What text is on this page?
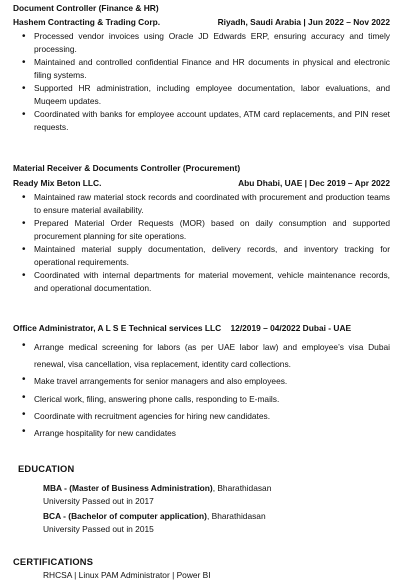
Document Controller (Finance & HR)
Hashem Contracting & Trading Corp.	Riyadh, Saudi Arabia | Jun 2022 – Nov 2022
• Processed vendor invoices using Oracle JD Edwards ERP, ensuring accuracy and timely processing.
• Maintained and controlled confidential Finance and HR documents in physical and electronic filing systems.
• Supported HR administration, including employee documentation, labor evaluations, and Muqeem updates.
• Coordinated with banks for employee account updates, ATM card replacements, and PIN reset requests.
Material Receiver & Documents Controller (Procurement)
Ready Mix Beton LLC.	Abu Dhabi, UAE | Dec 2019 – Apr 2022
• Maintained raw material stock records and coordinated with procurement and production teams to ensure material availability.
• Prepared Material Order Requests (MOR) based on daily consumption and supported procurement planning for site operations.
• Maintained material supply documentation, delivery records, and inventory tracking for operational requirements.
• Coordinated with internal departments for material movement, vehicle maintenance records, and operational documentation.
Office Administrator, A L S E Technical services LLC    12/2019 – 04/2022 Dubai - UAE
• Arrange medical screening for labors (as per UAE labor law) and employee’s visa Dubai renewal, visa cancellation, visa replacement, identity card collections.
• Make travel arrangements for senior managers and also employees.
• Clerical work, filing, answering phone calls, responding to E-mails.
• Coordinate with recruitment agencies for hiring new candidates.
• Arrange hospitality for new candidates
EDUCATION
MBA - (Master of Business Administration), Bharathidasan
University Passed out in 2017
BCA - (Bachelor of computer application), Bharathidasan
University Passed out in 2015
CERTIFICATIONS
RHCSA | Linux PAM Administrator | Power BI
